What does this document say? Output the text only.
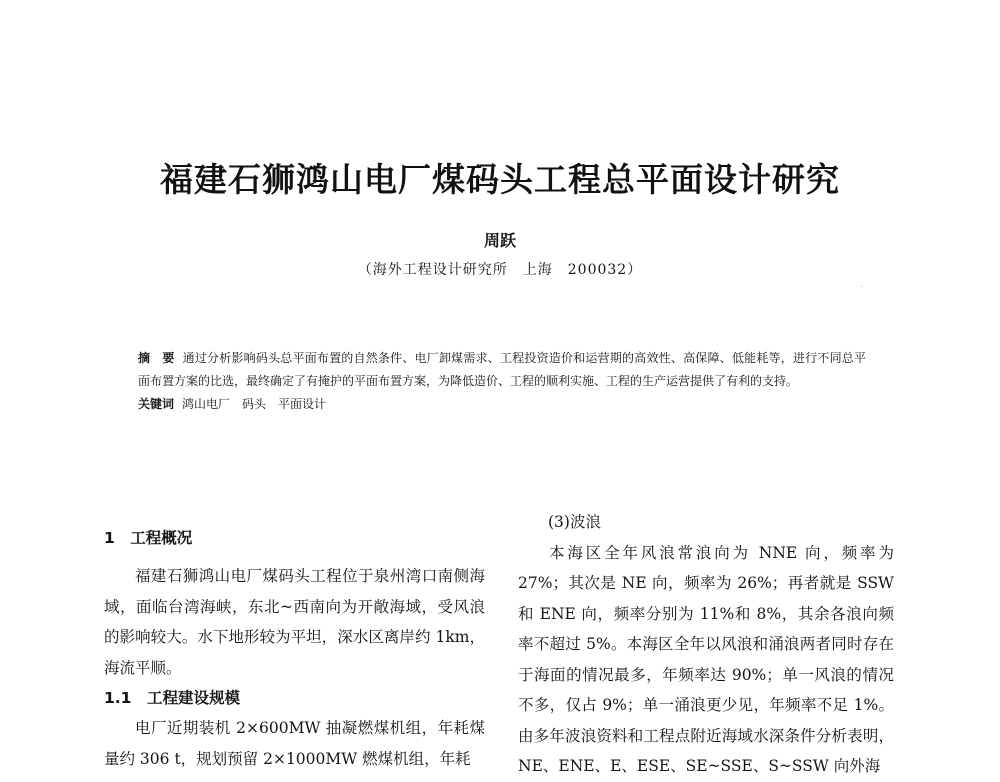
福建石狮鸿山电厂煤码头工程总平面设计研究
周跃
（海外工程设计研究所　上海　200032）
摘　要 通过分析影响码头总平面布置的自然条件、电厂卸煤需求、工程投资造价和运营期的高效性、高保障、低能耗等，进行不同总平面布置方案的比选，最终确定了有掩护的平面布置方案，为降低造价、工程的顺利实施、工程的生产运营提供了有利的支持。
关键词 鸿山电厂　码头　平面设计
1　工程概况

福建石狮鸿山电厂煤码头工程位于泉州湾口南侧海域，面临台湾海峡，东北~西南向为开敞海域，受风浪的影响较大。水下地形较为平坦，深水区离岸约 1km，海流平顺。

1.1　工程建设规模

电厂近期装机 2×600MW 抽凝燃煤机组，年耗煤量约 306 t，规划预留 2×1000MW 燃煤机组，年耗

(3)波浪

本海区全年风浪常浪向为 NNE 向，频率为 27%；其次是 NE 向，频率为 26%；再者就是 SSW 和 ENE 向，频率分别为 11%和 8%，其余各浪向频率不超过 5%。本海区全年以风浪和涌浪两者同时存在于海面的情况最多，年频率达 90%；单一风浪的情况不多，仅占 9%；单一涌浪更少见，年频率不足 1%。由多年波浪资料和工程点附近海域水深条件分析表明，NE、ENE、E、ESE、SE~SSE、S~SSW 向外海

·
